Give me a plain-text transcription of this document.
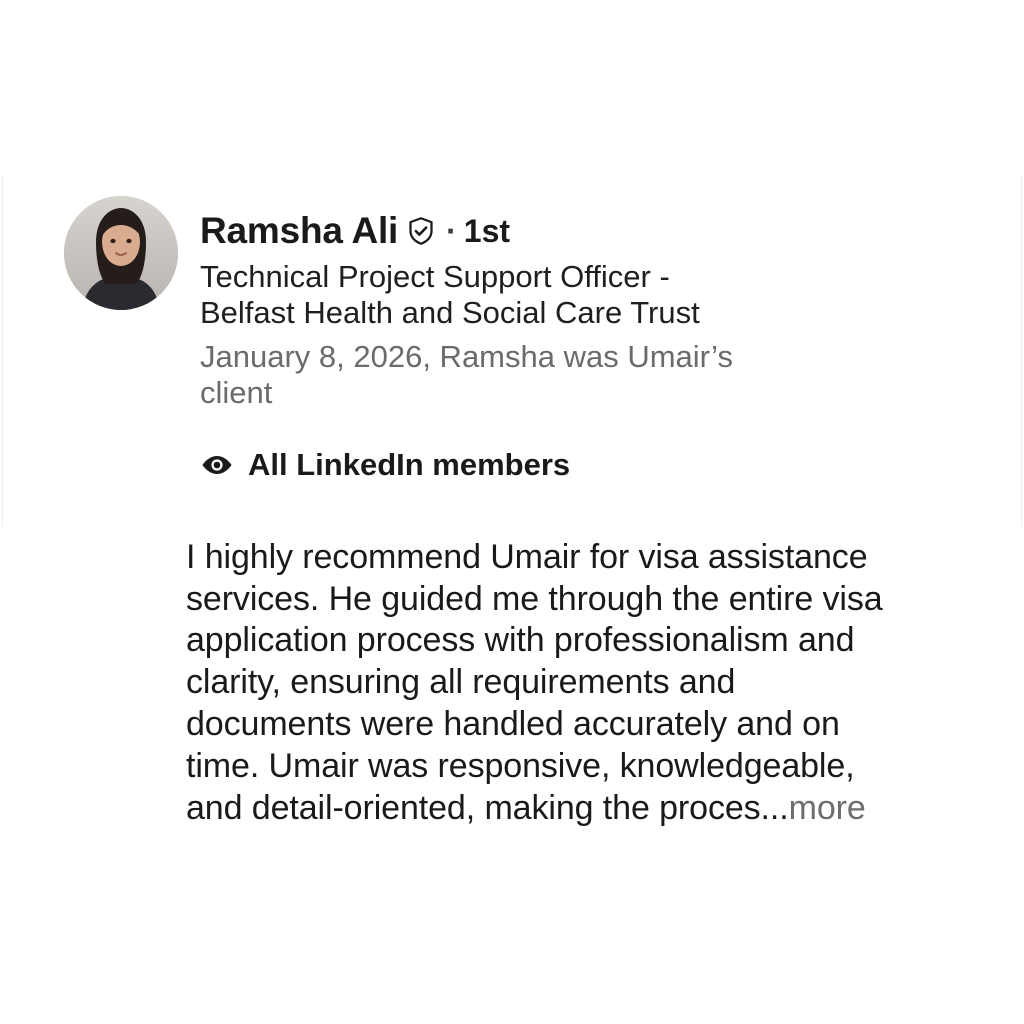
Ramsha Ali · 1st
Technical Project Support Officer - Belfast Health and Social Care Trust
January 8, 2026, Ramsha was Umair’s client
All LinkedIn members
I highly recommend Umair for visa assistance services. He guided me through the entire visa application process with professionalism and clarity, ensuring all requirements and documents were handled accurately and on time. Umair was responsive, knowledgeable, and detail-oriented, making the proces...more
